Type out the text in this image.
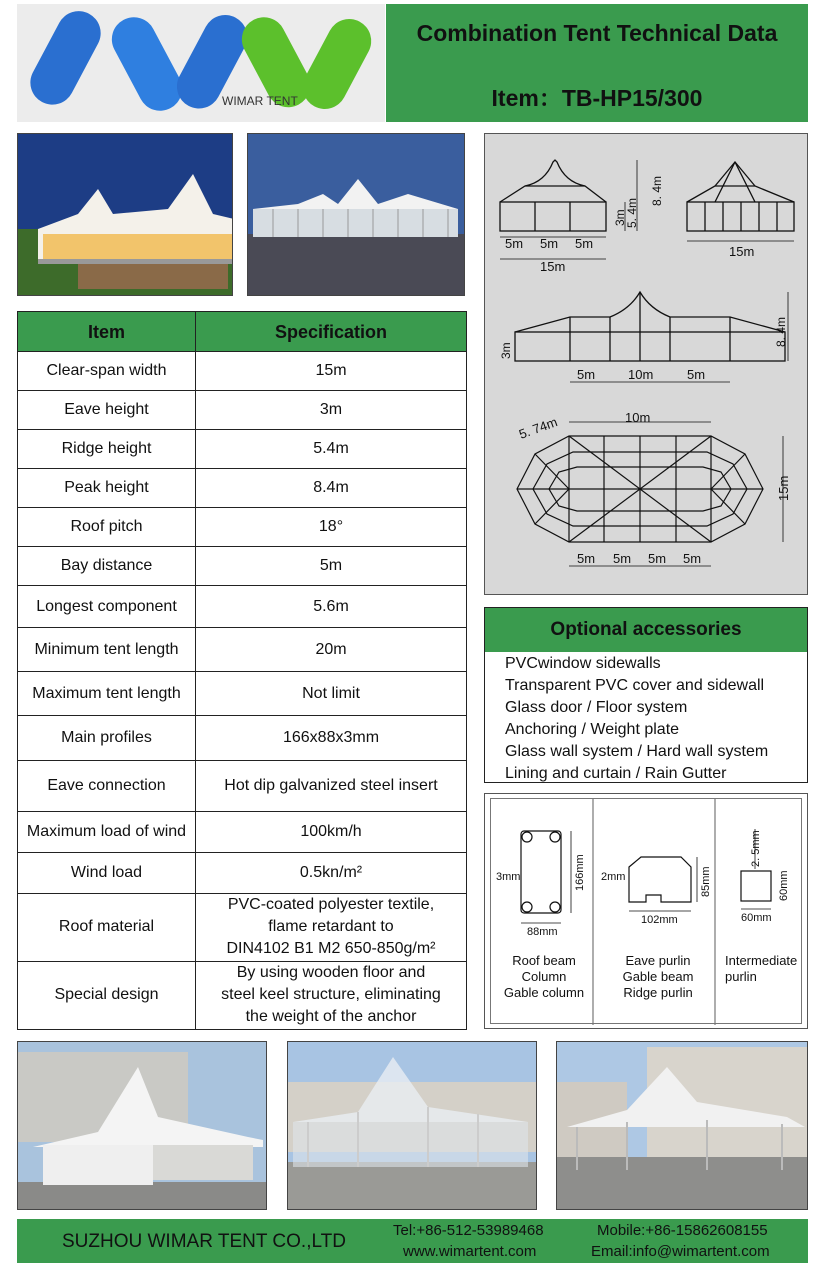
WIMAR TENT
Combination Tent Technical Data
Item：TB-HP15/300
Item	Specification
Clear-span width	15m
Eave height	3m
Ridge height	5.4m
Peak height	8.4m
Roof pitch	18°
Bay distance	5m
Longest component	5.6m
Minimum tent length	20m
Maximum tent length	Not limit
Main profiles	166x88x3mm
Eave connection	Hot dip galvanized steel insert
Maximum load of wind	100km/h
Wind load	0.5kn/m²
Roof material	PVC-coated polyester textile,
flame retardant to
DIN4102 B1 M2 650-850g/m²

Special design	By using wooden floor and
steel keel structure, eliminating
the weight of the anchor
5m 5m 5m
15m
3m
5. 4m
8. 4m
15m
3m
8. 4m
5m	10m	5m
10m
5. 74m
15m
5m 5m 5m 5m
Optional accessories
PVCwindow sidewalls
Transparent PVC cover and sidewall
Glass door / Floor system
Anchoring / Weight plate
Glass wall system / Hard wall system
Lining and curtain / Rain Gutter
3mm	166mm
88mm
2mm	85mm
102mm
2. 5mm
60mm
60mm
Roof beam
Column
Gable column
Eave purlin
Gable beam
Ridge purlin
Intermediate
purlin
SUZHOU WIMAR TENT CO.,LTD
Tel:+86-512-53989468
www.wimartent.com
Mobile:+86-15862608155
Email:info@wimartent.com
